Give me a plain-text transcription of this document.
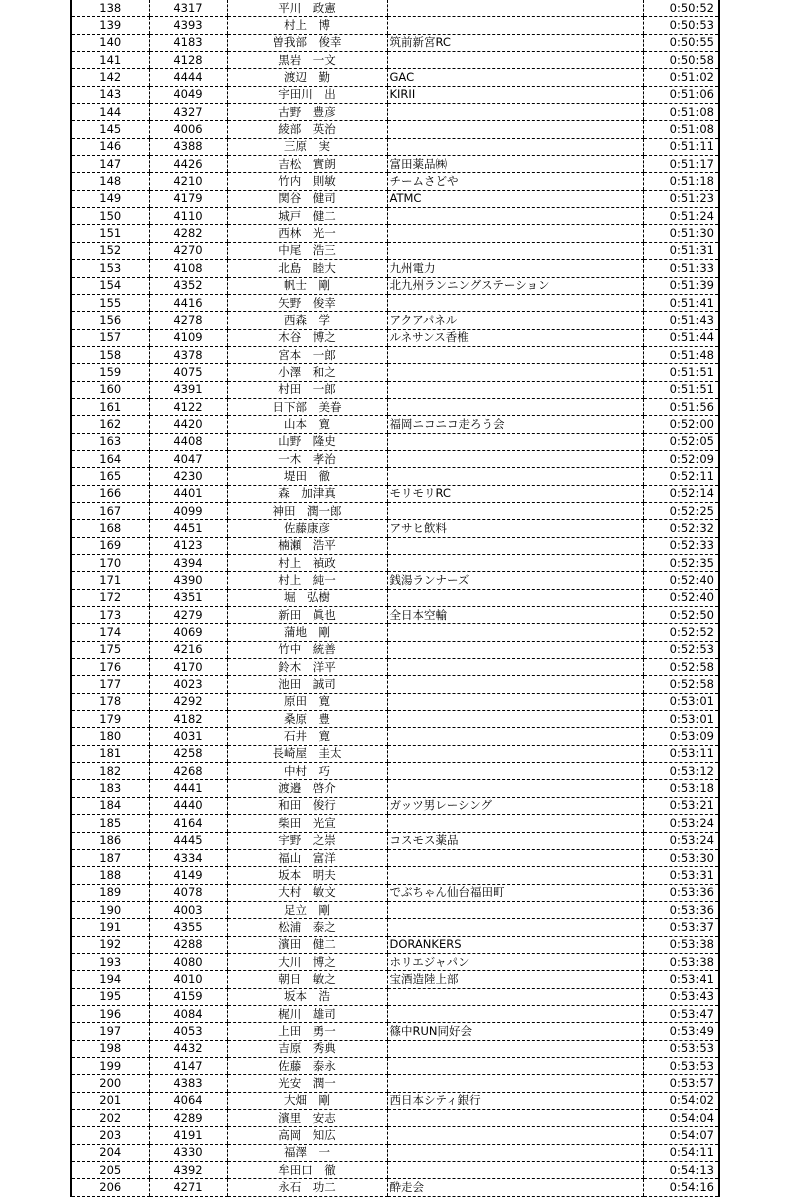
138	4317	平川　政憲		0:50:52
139	4393	村上　博		0:50:53
140	4183	曽我部　俊幸	筑前新宮RC	0:50:55
141	4128	黒岩　一文		0:50:58
142	4444	渡辺　勤	GAC	0:51:02
143	4049	宇田川　出	KIRII	0:51:06
144	4327	古野　豊彦		0:51:08
145	4006	綾部　英治		0:51:08
146	4388	三原　実		0:51:11
147	4426	吉松　實朗	富田薬品㈱	0:51:17
148	4210	竹内　則敏	チームさどや	0:51:18
149	4179	関谷　健司	ATMC	0:51:23
150	4110	城戸　健二		0:51:24
151	4282	西林　光一		0:51:30
152	4270	中尾　浩三		0:51:31
153	4108	北島　睦大	九州電力	0:51:33
154	4352	帆士　剛	北九州ランニングステーション	0:51:39
155	4416	矢野　俊幸		0:51:41
156	4278	西森　学	アクアパネル	0:51:43
157	4109	木谷　博之	ルネサンス香椎	0:51:44
158	4378	宮本　一郎		0:51:48
159	4075	小澤　和之		0:51:51
160	4391	村田　一郎		0:51:51
161	4122	日下部　美眷		0:51:56
162	4420	山本　寛	福岡ニコニコ走ろう会	0:52:00
163	4408	山野　隆史		0:52:05
164	4047	一木　孝治		0:52:09
165	4230	堤田　徹		0:52:11
166	4401	森　加津真	モリモリRC	0:52:14
167	4099	神田　潤一郎		0:52:25
168	4451	佐藤康彦	アサヒ飲料	0:52:32
169	4123	楠瀬　浩平		0:52:33
170	4394	村上　禎政		0:52:35
171	4390	村上　純一	銭湯ランナーズ	0:52:40
172	4351	堀　弘樹		0:52:40
173	4279	新田　眞也	全日本空輸	0:52:50
174	4069	蒲地　剛		0:52:52
175	4216	竹中　統善		0:52:53
176	4170	鈴木　洋平		0:52:58
177	4023	池田　誠司		0:52:58
178	4292	原田　寛		0:53:01
179	4182	桑原　豊		0:53:01
180	4031	石井　寛		0:53:09
181	4258	長崎屋　圭太		0:53:11
182	4268	中村　巧		0:53:12
183	4441	渡邉　啓介		0:53:18
184	4440	和田　俊行	ガッツ男レーシング	0:53:21
185	4164	柴田　光宣		0:53:24
186	4445	宇野　之崇	コスモス薬品	0:53:24
187	4334	福山　富洋		0:53:30
188	4149	坂本　明夫		0:53:31
189	4078	大村　敏文	でぶちゃん仙台福田町	0:53:36
190	4003	足立　剛		0:53:36
191	4355	松浦　泰之		0:53:37
192	4288	濱田　健二	DORANKERS	0:53:38
193	4080	大川　博之	ホリエジャパン	0:53:38
194	4010	朝日　敏之	宝酒造陸上部	0:53:41
195	4159	坂本　浩		0:53:43
196	4084	梶川　雄司		0:53:47
197	4053	上田　勇一	篠中RUN同好会	0:53:49
198	4432	吉原　秀典		0:53:53
199	4147	佐藤　泰永		0:53:53
200	4383	光安　潤一		0:53:57
201	4064	大畑　剛	西日本シティ銀行	0:54:02
202	4289	濱里　安志		0:54:04
203	4191	高岡　知広		0:54:07
204	4330	福澤　一		0:54:11
205	4392	牟田口　徹		0:54:13
206	4271	永石　功二	酔走会	0:54:16
